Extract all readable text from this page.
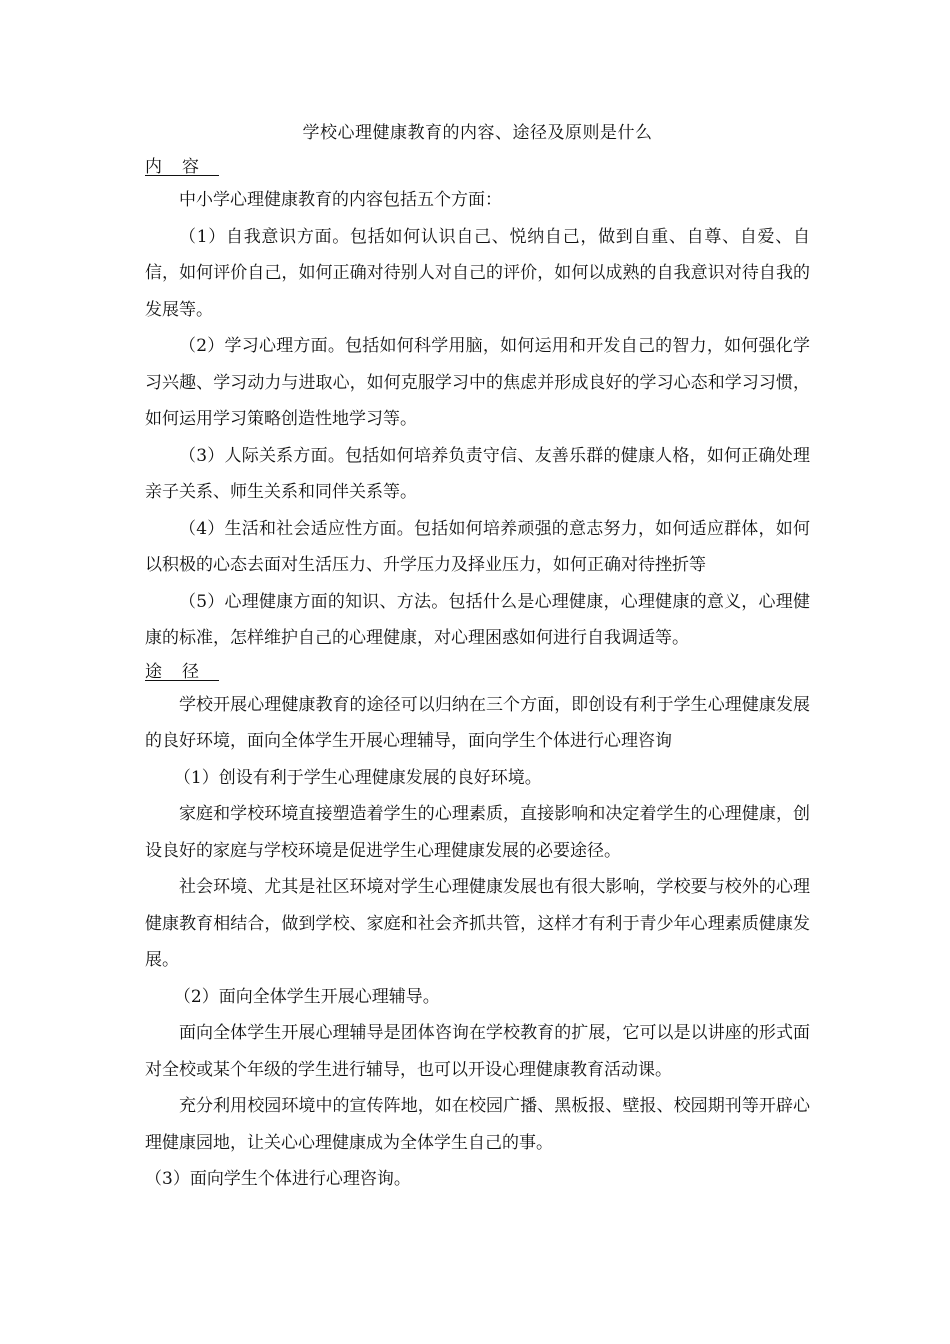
学校心理健康教育的内容、途径及原则是什么
内容

中小学心理健康教育的内容包括五个方面：

（1）自我意识方面。包括如何认识自己、悦纳自己，做到自重、自尊、自爱、自信，如何评价自己，如何正确对待别人对自己的评价，如何以成熟的自我意识对待自我的发展等。

（2）学习心理方面。包括如何科学用脑，如何运用和开发自己的智力，如何强化学习兴趣、学习动力与进取心，如何克服学习中的焦虑并形成良好的学习心态和学习习惯，如何运用学习策略创造性地学习等。

（3）人际关系方面。包括如何培养负责守信、友善乐群的健康人格，如何正确处理亲子关系、师生关系和同伴关系等。

（4）生活和社会适应性方面。包括如何培养顽强的意志努力，如何适应群体，如何以积极的心态去面对生活压力、升学压力及择业压力，如何正确对待挫折等

（5）心理健康方面的知识、方法。包括什么是心理健康，心理健康的意义，心理健康的标准，怎样维护自己的心理健康，对心理困惑如何进行自我调适等。

途径

学校开展心理健康教育的途径可以归纳在三个方面，即创设有利于学生心理健康发展的良好环境，面向全体学生开展心理辅导，面向学生个体进行心理咨询

（1）创设有利于学生心理健康发展的良好环境。

家庭和学校环境直接塑造着学生的心理素质，直接影响和决定着学生的心理健康，创设良好的家庭与学校环境是促进学生心理健康发展的必要途径。

社会环境、尤其是社区环境对学生心理健康发展也有很大影响，学校要与校外的心理健康教育相结合，做到学校、家庭和社会齐抓共管，这样才有利于青少年心理素质健康发展。

（2）面向全体学生开展心理辅导。

面向全体学生开展心理辅导是团体咨询在学校教育的扩展，它可以是以讲座的形式面对全校或某个年级的学生进行辅导，也可以开设心理健康教育活动课。

充分利用校园环境中的宣传阵地，如在校园广播、黑板报、壁报、校园期刊等开辟心理健康园地，让关心心理健康成为全体学生自己的事。

（3）面向学生个体进行心理咨询。
